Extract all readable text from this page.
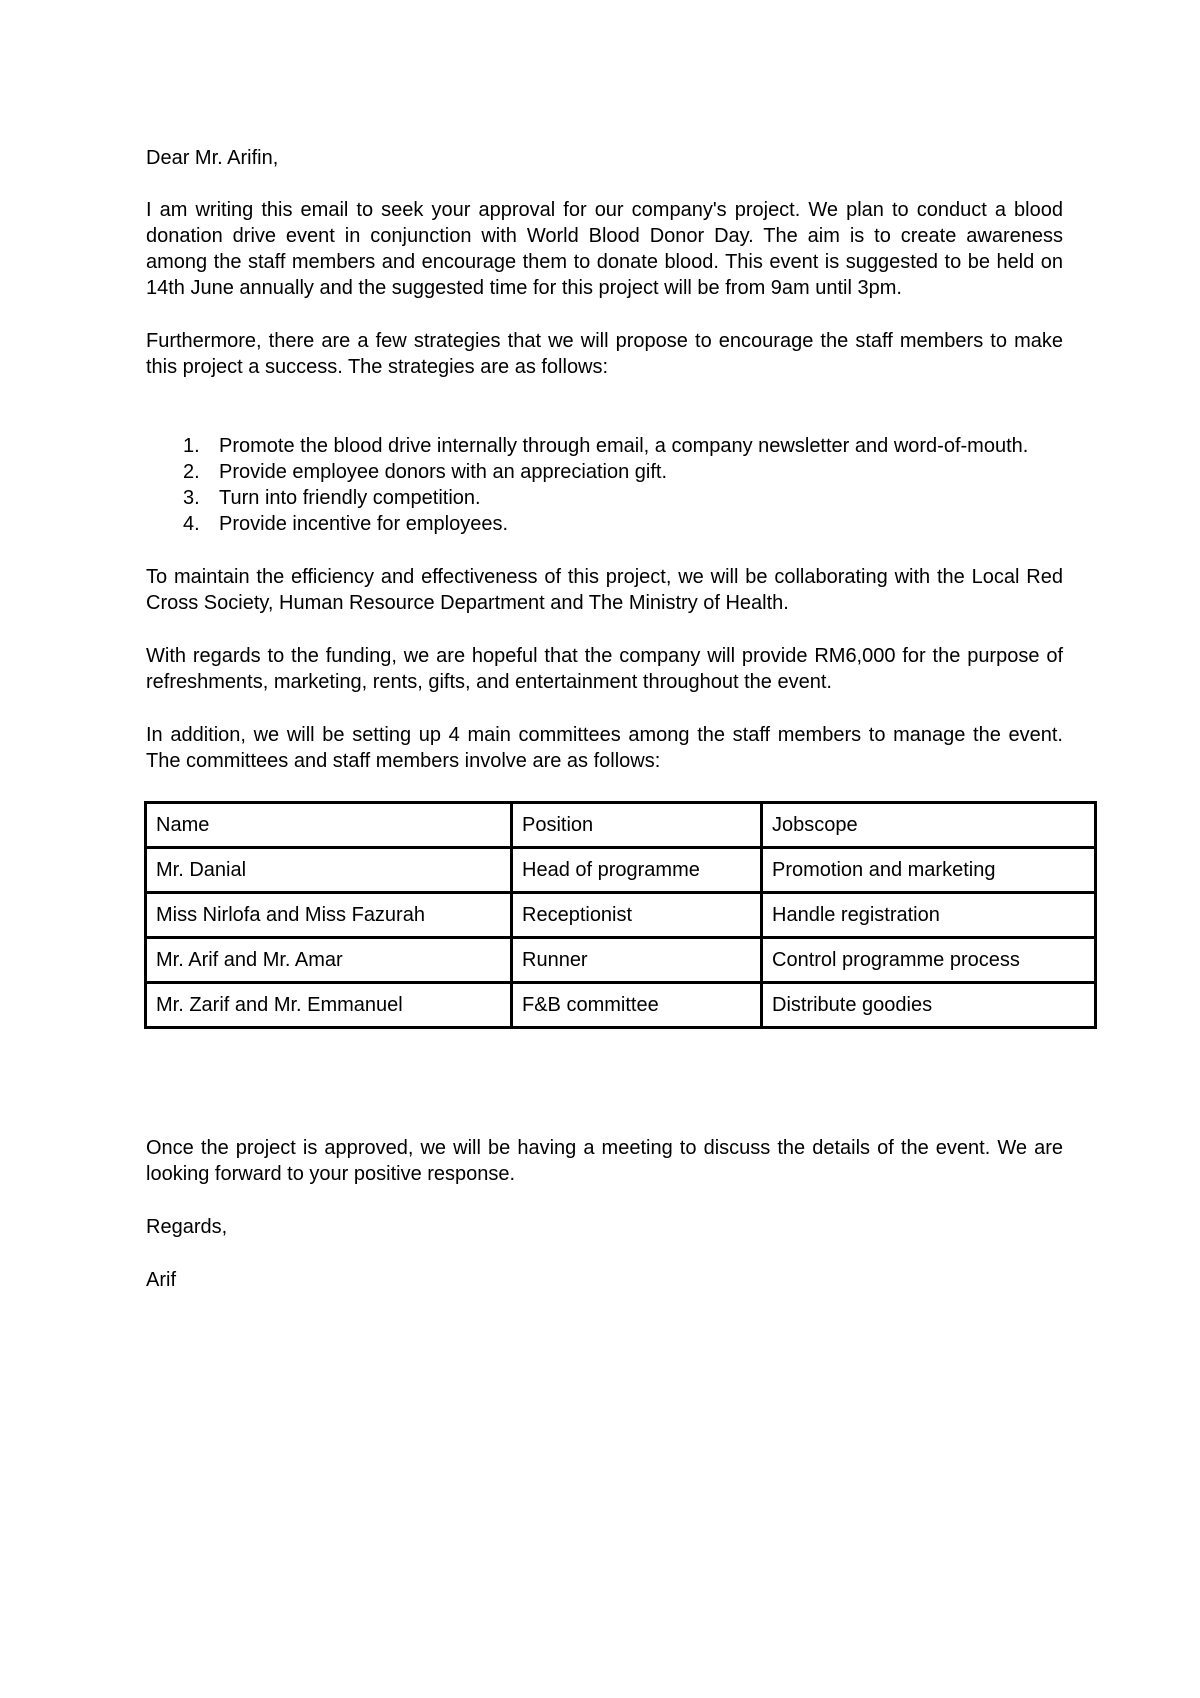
Dear Mr. Arifin,

I am writing this email to seek your approval for our company's project. We plan to conduct a blood donation drive event in conjunction with World Blood Donor Day. The aim is to create awareness among the staff members and encourage them to donate blood. This event is suggested to be held on 14th June annually and the suggested time for this project will be from 9am until 3pm.

Furthermore, there are a few strategies that we will propose to encourage the staff members to make this project a success. The strategies are as follows:

1. Promote the blood drive internally through email, a company newsletter and word-of-mouth.
2. Provide employee donors with an appreciation gift.
3. Turn into friendly competition.
4. Provide incentive for employees.

To maintain the efficiency and effectiveness of this project, we will be collaborating with the Local Red Cross Society, Human Resource Department and The Ministry of Health.

With regards to the funding, we are hopeful that the company will provide RM6,000 for the purpose of refreshments, marketing, rents, gifts, and entertainment throughout the event.

In addition, we will be setting up 4 main committees among the staff members to manage the event. The committees and staff members involve are as follows:

Name	Position	Jobscope
Mr. Danial	Head of programme	Promotion and marketing
Miss Nirlofa and Miss Fazurah	Receptionist	Handle registration
Mr. Arif and Mr. Amar	Runner	Control programme process
Mr. Zarif and Mr. Emmanuel	F&B committee	Distribute goodies

Once the project is approved, we will be having a meeting to discuss the details of the event. We are looking forward to your positive response.

Regards,

Arif
